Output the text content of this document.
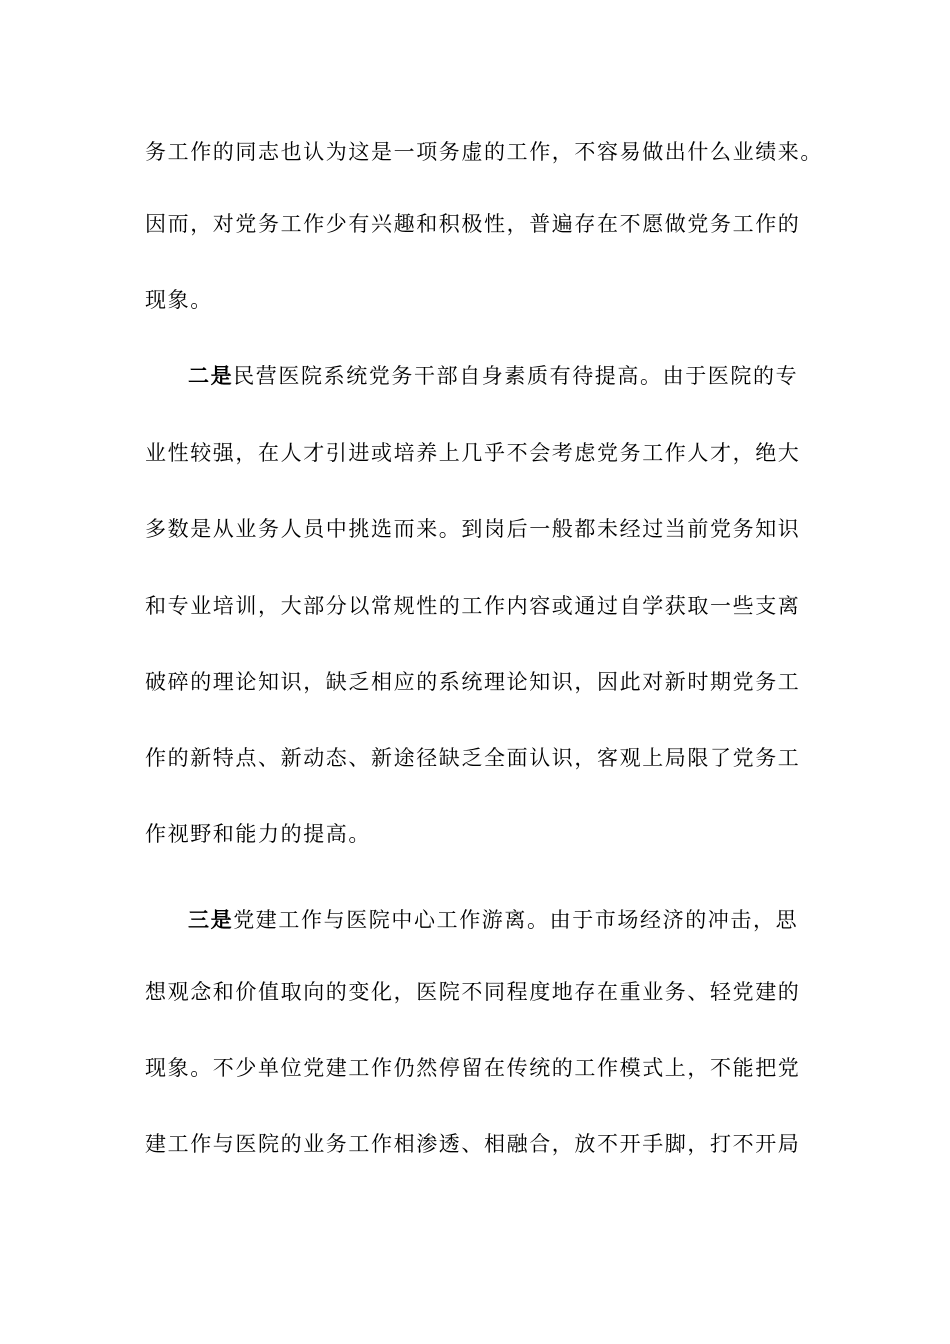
务工作的同志也认为这是一项务虚的工作，不容易做出什么业绩来。
因而，对党务工作少有兴趣和积极性，普遍存在不愿做党务工作的
现象。
二是民营医院系统党务干部自身素质有待提高。由于医院的专
业性较强，在人才引进或培养上几乎不会考虑党务工作人才，绝大
多数是从业务人员中挑选而来。到岗后一般都未经过当前党务知识
和专业培训，大部分以常规性的工作内容或通过自学获取一些支离
破碎的理论知识，缺乏相应的系统理论知识，因此对新时期党务工
作的新特点、新动态、新途径缺乏全面认识，客观上局限了党务工
作视野和能力的提高。
三是党建工作与医院中心工作游离。由于市场经济的冲击，思
想观念和价值取向的变化，医院不同程度地存在重业务、轻党建的
现象。不少单位党建工作仍然停留在传统的工作模式上，不能把党
建工作与医院的业务工作相渗透、相融合，放不开手脚，打不开局
